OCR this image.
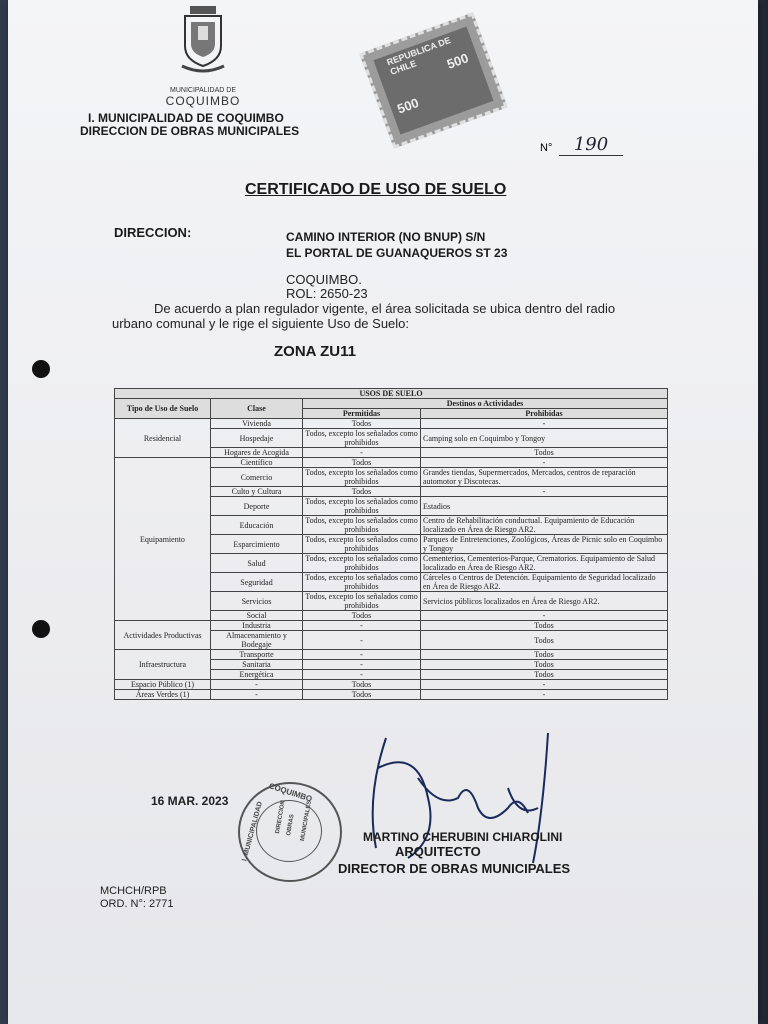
MUNICIPALIDAD DE
COQUIMBO
REPUBLICA DE CHILE
500
500
I. MUNICIPALIDAD DE COQUIMBO
DIRECCION DE OBRAS MUNICIPALES
N°	190
CERTIFICADO DE USO DE SUELO
DIRECCION:	CAMINO INTERIOR (NO BNUP) S/N
EL PORTAL DE GUANAQUEROS ST 23
COQUIMBO.
ROL: 2650-23
De acuerdo a plan regulador vigente, el área solicitada se ubica dentro del radio
urbano comunal y le rige el siguiente Uso de Suelo:
ZONA ZU11
USOS DE SUELO			
Tipo de Uso de Suelo	Clase	Destinos o Actividades	
		Permitidas	Prohibidas
Residencial	Vivienda	Todos	-
	Hospedaje	Todos, excepto los señalados como prohibidos	Camping solo en Coquimbo y Tongoy
	Hogares de Acogida	-	Todos
Equipamiento	Científico	Todos	-
	Comercio	Todos, excepto los señalados como prohibidos	Grandes tiendas, Supermercados, Mercados, centros de reparación automotor y Discotecas.
	Culto y Cultura	Todos	-
	Deporte	Todos, excepto los señalados como prohibidos	Estadios
	Educación	Todos, excepto los señalados como prohibidos	Centro de Rehabilitación conductual. Equipamiento de Educación localizado en Área de Riesgo AR2.
	Esparcimiento	Todos, excepto los señalados como prohibidos	Parques de Entretenciones, Zoológicos, Áreas de Picnic solo en Coquimbo y Tongoy
	Salud	Todos, excepto los señalados como prohibidos	Cementerios, Cementerios-Parque, Crematorios. Equipamiento de Salud localizado en Área de Riesgo AR2.
	Seguridad	Todos, excepto los señalados como prohibidos	Cárceles o Centros de Detención. Equipamiento de Seguridad localizado en Área de Riesgo AR2.
	Servicios	Todos, excepto los señalados como prohibidos	Servicios públicos localizados en Área de Riesgo AR2.
	Social	Todos	-
Actividades Productivas	Industria	-	Todos
	Almacenamiento y Bodegaje	-	Todos
Infraestructura	Transporte	-	Todos
	Sanitaria	-	Todos
	Energética	-	Todos
Espacio Público (1)	-	Todos	-
Áreas Verdes (1)	-	Todos	-
16 MAR. 2023	COQUIMBO
I. MUNICIPALIDAD DIRECCION OBRAS MUNICIPALES	MARTINO CHERUBINI CHIAROLINI
ARQUITECTO
DIRECTOR DE OBRAS MUNICIPALES
MCHCH/RPB
ORD. N°: 2771
